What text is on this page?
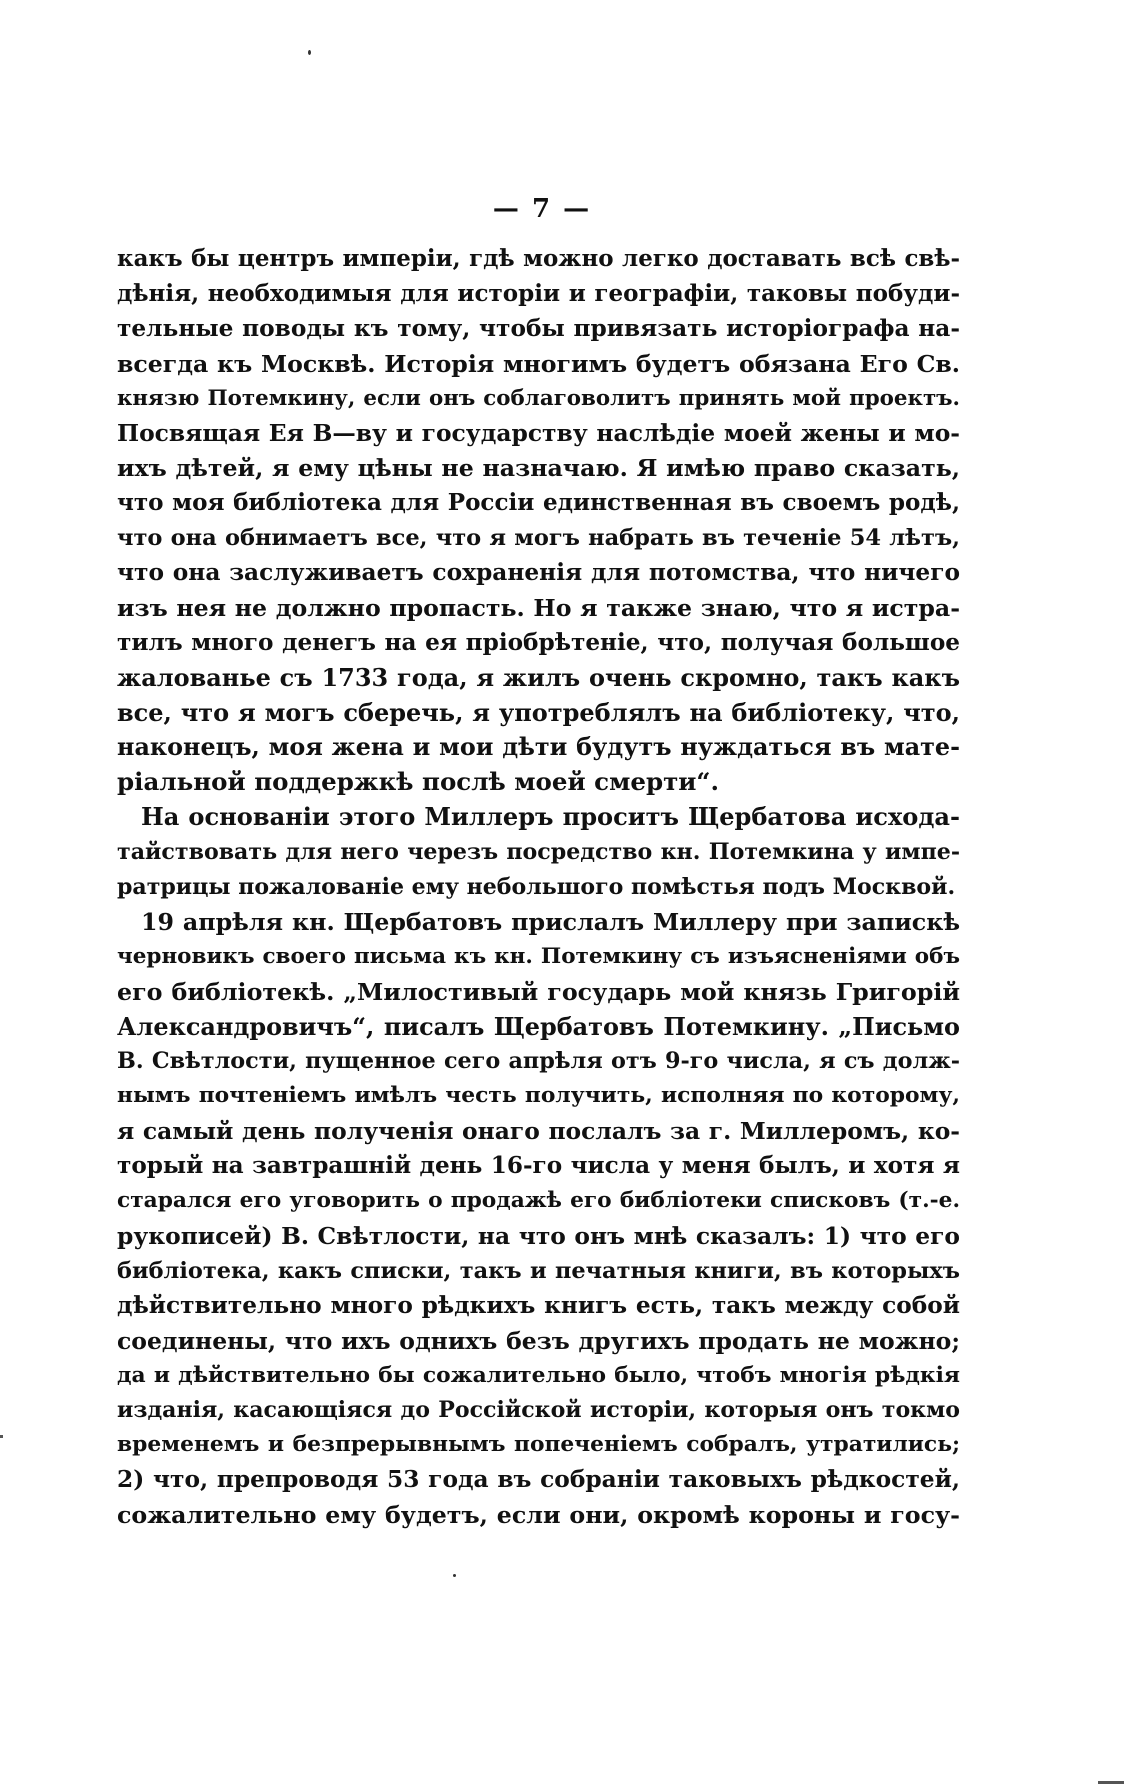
— 7 —
какъ бы центръ имперіи, гдѣ можно легко доставать всѣ свѣ-
дѣнія, необходимыя для исторіи и географіи, таковы побуди-
тельные поводы къ тому, чтобы привязать исторіографа на-
всегда къ Москвѣ. Исторія многимъ будетъ обязана Его Св.
князю Потемкину, если онъ соблаговолитъ принять мой проектъ.
Посвящая Ея В—ву и государству наслѣдіе моей жены и мо-
ихъ дѣтей, я ему цѣны не назначаю. Я имѣю право сказать,
что моя библіотека для Россіи единственная въ своемъ родѣ,
что она обнимаетъ все, что я могъ набрать въ теченіе 54 лѣтъ,
что она заслуживаетъ сохраненія для потомства, что ничего
изъ нея не должно пропасть. Но я также знаю, что я истра-
тилъ много денегъ на ея пріобрѣтеніе, что, получая большое
жалованье съ 1733 года, я жилъ очень скромно, такъ какъ
все, что я могъ сберечь, я употреблялъ на библіотеку, что,
наконецъ, моя жена и мои дѣти будутъ нуждаться въ мате-
ріальной поддержкѣ послѣ моей смерти“.
На основаніи этого Миллеръ проситъ Щербатова исхода-
тайствовать для него черезъ посредство кн. Потемкина у импе-
ратрицы пожалованіе ему небольшого помѣстья подъ Москвой.
19 апрѣля кн. Щербатовъ прислалъ Миллеру при запискѣ
черновикъ своего письма къ кн. Потемкину съ изъясненіями объ
его библіотекѣ. „Милостивый государь мой князь Григорій
Александровичъ“, писалъ Щербатовъ Потемкину. „Письмо
В. Свѣтлости, пущенное сего апрѣля отъ 9-го числа, я съ долж-
нымъ почтеніемъ имѣлъ честь получить, исполняя по которому,
я самый день полученія онаго послалъ за г. Миллеромъ, ко-
торый на завтрашній день 16-го числа у меня былъ, и хотя я
старался его уговорить о продажѣ его библіотеки списковъ (т.-е.
рукописей) В. Свѣтлости, на что онъ мнѣ сказалъ: 1) что его
библіотека, какъ списки, такъ и печатныя книги, въ которыхъ
дѣйствительно много рѣдкихъ книгъ есть, такъ между собой
соединены, что ихъ однихъ безъ другихъ продать не можно;
да и дѣйствительно бы сожалительно было, чтобъ многія рѣдкія
изданія, касающіяся до Россійской исторіи, которыя онъ токмо
временемъ и безпрерывнымъ попеченіемъ собралъ, утратились;
2) что, препроводя 53 года въ собраніи таковыхъ рѣдкостей,
сожалительно ему будетъ, если они, окромѣ короны и госу-
